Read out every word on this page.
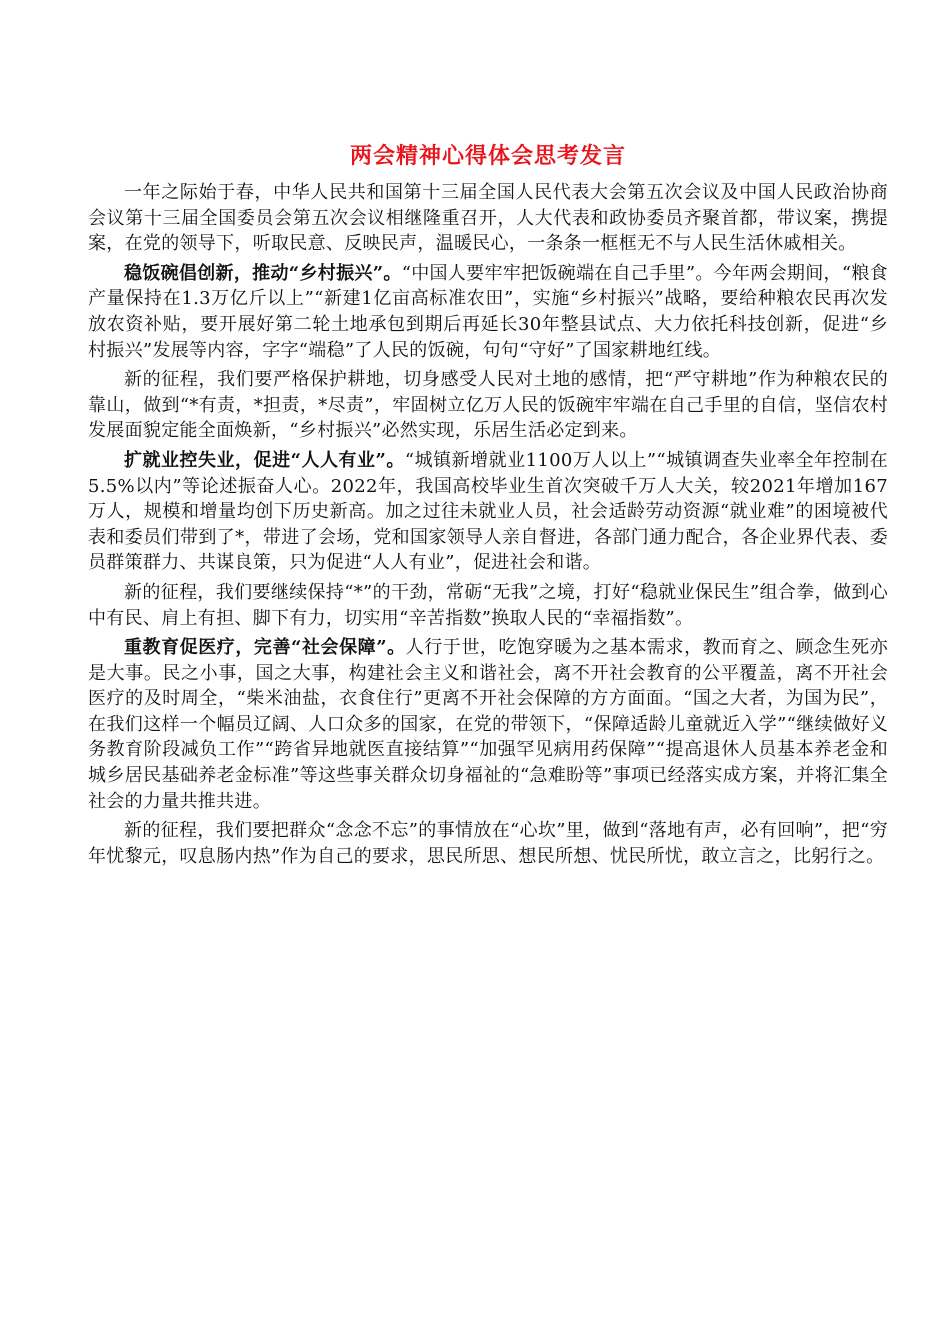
两会精神心得体会思考发言

一年之际始于春，中华人民共和国第十三届全国人民代表大会第五次会议及中国人民政治协商会议第十三届全国委员会第五次会议相继隆重召开，人大代表和政协委员齐聚首都，带议案，携提案，在党的领导下，听取民意、反映民声，温暖民心，一条条一框框无不与人民生活休戚相关。

稳饭碗倡创新，推动“乡村振兴”。“中国人要牢牢把饭碗端在自己手里”。今年两会期间，“粮食产量保持在1.3万亿斤以上”“新建1亿亩高标准农田”，实施“乡村振兴”战略，要给种粮农民再次发放农资补贴，要开展好第二轮土地承包到期后再延长30年整县试点、大力依托科技创新，促进“乡村振兴”发展等内容，字字“端稳”了人民的饭碗，句句“守好”了国家耕地红线。

新的征程，我们要严格保护耕地，切身感受人民对土地的感情，把“严守耕地”作为种粮农民的靠山，做到“*有责，*担责，*尽责”，牢固树立亿万人民的饭碗牢牢端在自己手里的自信，坚信农村发展面貌定能全面焕新，“乡村振兴”必然实现，乐居生活必定到来。

扩就业控失业，促进“人人有业”。“城镇新增就业1100万人以上”“城镇调查失业率全年控制在5.5%以内”等论述振奋人心。2022年，我国高校毕业生首次突破千万人大关，较2021年增加167万人，规模和增量均创下历史新高。加之过往未就业人员，社会适龄劳动资源“就业难”的困境被代表和委员们带到了*，带进了会场，党和国家领导人亲自督进，各部门通力配合，各企业界代表、委员群策群力、共谋良策，只为促进“人人有业”，促进社会和谐。

新的征程，我们要继续保持“*”的干劲，常砺“无我”之境，打好“稳就业保民生”组合拳，做到心中有民、肩上有担、脚下有力，切实用“辛苦指数”换取人民的“幸福指数”。

重教育促医疗，完善“社会保障”。人行于世，吃饱穿暖为之基本需求，教而育之、顾念生死亦是大事。民之小事，国之大事，构建社会主义和谐社会，离不开社会教育的公平覆盖，离不开社会医疗的及时周全，“柴米油盐，衣食住行”更离不开社会保障的方方面面。“国之大者，为国为民”，在我们这样一个幅员辽阔、人口众多的国家，在党的带领下，“保障适龄儿童就近入学”“继续做好义务教育阶段减负工作”“跨省异地就医直接结算”“加强罕见病用药保障”“提高退休人员基本养老金和城乡居民基础养老金标准”等这些事关群众切身福祉的“急难盼等”事项已经落实成方案，并将汇集全社会的力量共推共进。

新的征程，我们要把群众“念念不忘”的事情放在“心坎”里，做到“落地有声，必有回响”，把“穷年忧黎元，叹息肠内热”作为自己的要求，思民所思、想民所想、忧民所忧，敢立言之，比躬行之。
